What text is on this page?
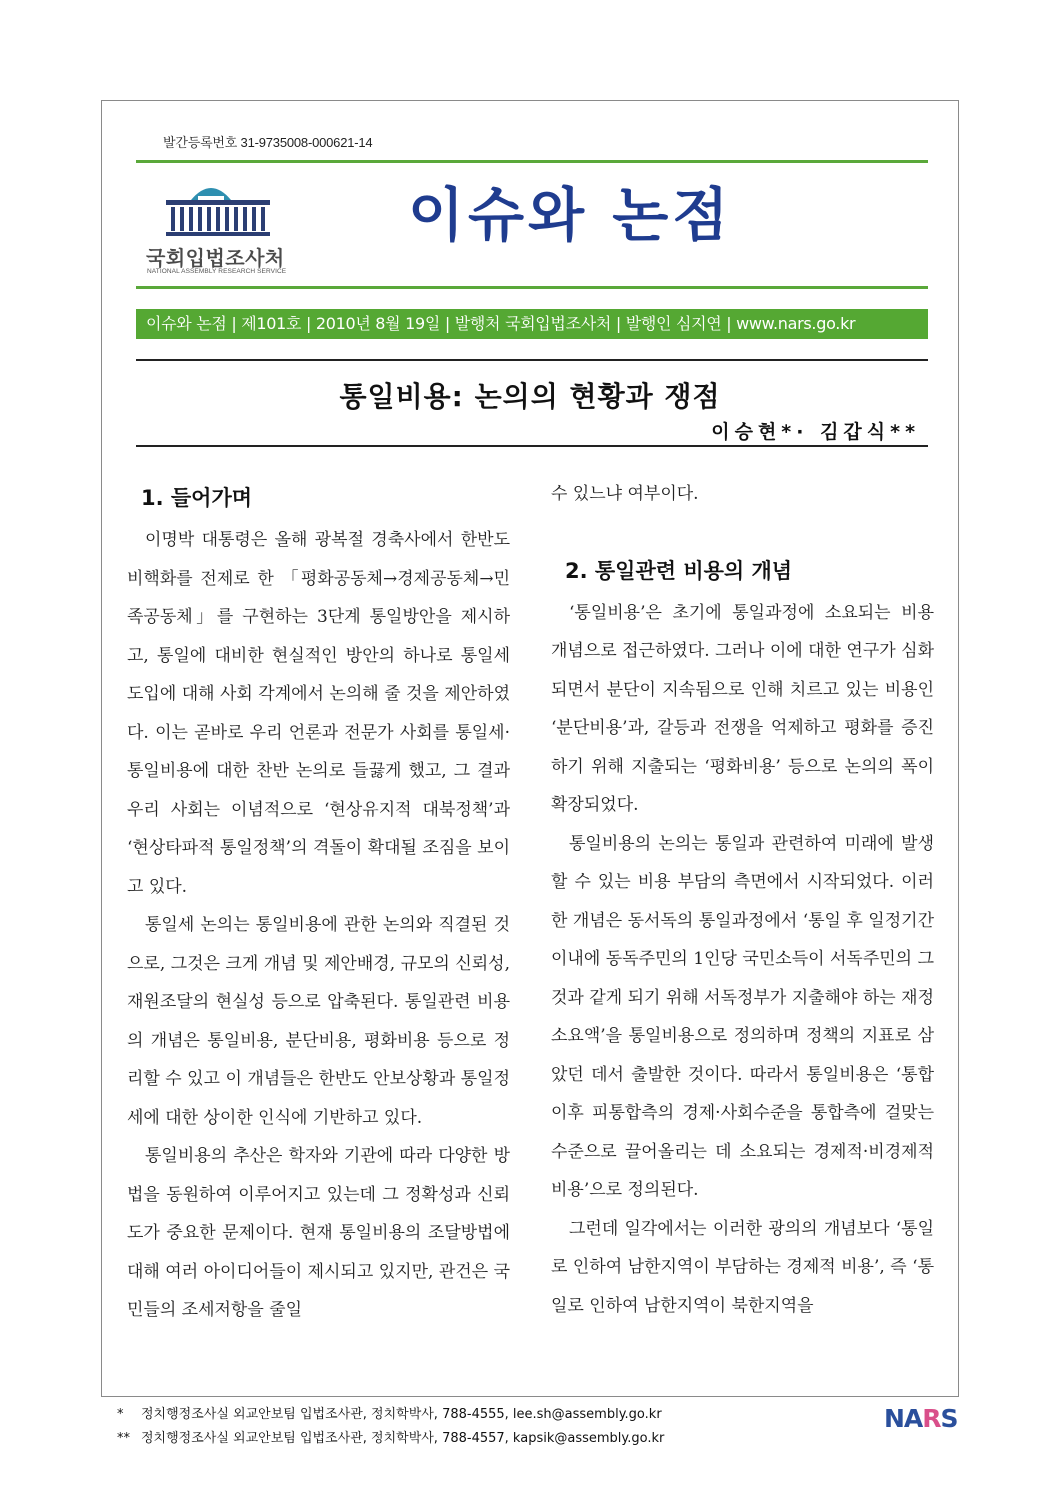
발간등록번호 31-9735008-000621-14
국회입법조사처
NATIONAL ASSEMBLY RESEARCH SERVICE
이슈와 논점
이슈와 논점 | 제101호 | 2010년 8월 19일 | 발행처 국회입법조사처 | 발행인 심지연 | www.nars.go.kr
통일비용: 논의의 현황과 쟁점
이승현*· 김갑식**
1. 들어가며

이명박 대통령은 올해 광복절 경축사에서 한반도 비핵화를 전제로 한 「평화공동체→경제공동체→민족공동체」를 구현하는 3단계 통일방안을 제시하고, 통일에 대비한 현실적인 방안의 하나로 통일세 도입에 대해 사회 각계에서 논의해 줄 것을 제안하였다. 이는 곧바로 우리 언론과 전문가 사회를 통일세·통일비용에 대한 찬반 논의로 들끓게 했고, 그 결과 우리 사회는 이념적으로 ‘현상유지적 대북정책’과 ‘현상타파적 통일정책’의 격돌이 확대될 조짐을 보이고 있다.

통일세 논의는 통일비용에 관한 논의와 직결된 것으로, 그것은 크게 개념 및 제안배경, 규모의 신뢰성, 재원조달의 현실성 등으로 압축된다. 통일관련 비용의 개념은 통일비용, 분단비용, 평화비용 등으로 정리할 수 있고 이 개념들은 한반도 안보상황과 통일정세에 대한 상이한 인식에 기반하고 있다.

통일비용의 추산은 학자와 기관에 따라 다양한 방법을 동원하여 이루어지고 있는데 그 정확성과 신뢰도가 중요한 문제이다. 현재 통일비용의 조달방법에 대해 여러 아이디어들이 제시되고 있지만, 관건은 국민들의 조세저항을 줄일

수 있느냐 여부이다.

2. 통일관련 비용의 개념

‘통일비용’은 초기에 통일과정에 소요되는 비용 개념으로 접근하였다. 그러나 이에 대한 연구가 심화되면서 분단이 지속됨으로 인해 치르고 있는 비용인 ‘분단비용’과, 갈등과 전쟁을 억제하고 평화를 증진하기 위해 지출되는 ‘평화비용’ 등으로 논의의 폭이 확장되었다.

통일비용의 논의는 통일과 관련하여 미래에 발생할 수 있는 비용 부담의 측면에서 시작되었다. 이러한 개념은 동서독의 통일과정에서 ‘통일 후 일정기간 이내에 동독주민의 1인당 국민소득이 서독주민의 그것과 같게 되기 위해 서독정부가 지출해야 하는 재정 소요액’을 통일비용으로 정의하며 정책의 지표로 삼았던 데서 출발한 것이다. 따라서 통일비용은 ‘통합 이후 피통합측의 경제·사회수준을 통합측에 걸맞는 수준으로 끌어올리는 데 소요되는 경제적·비경제적 비용’으로 정의된다.

그런데 일각에서는 이러한 광의의 개념보다 ‘통일로 인하여 남한지역이 부담하는 경제적 비용’, 즉 ‘통일로 인하여 남한지역이 북한지역을

* 정치행정조사실 외교안보팀 입법조사관, 정치학박사, 788-4555, lee.sh@assembly.go.kr
** 정치행정조사실 외교안보팀 입법조사관, 정치학박사, 788-4557, kapsik@assembly.go.kr
NARS
